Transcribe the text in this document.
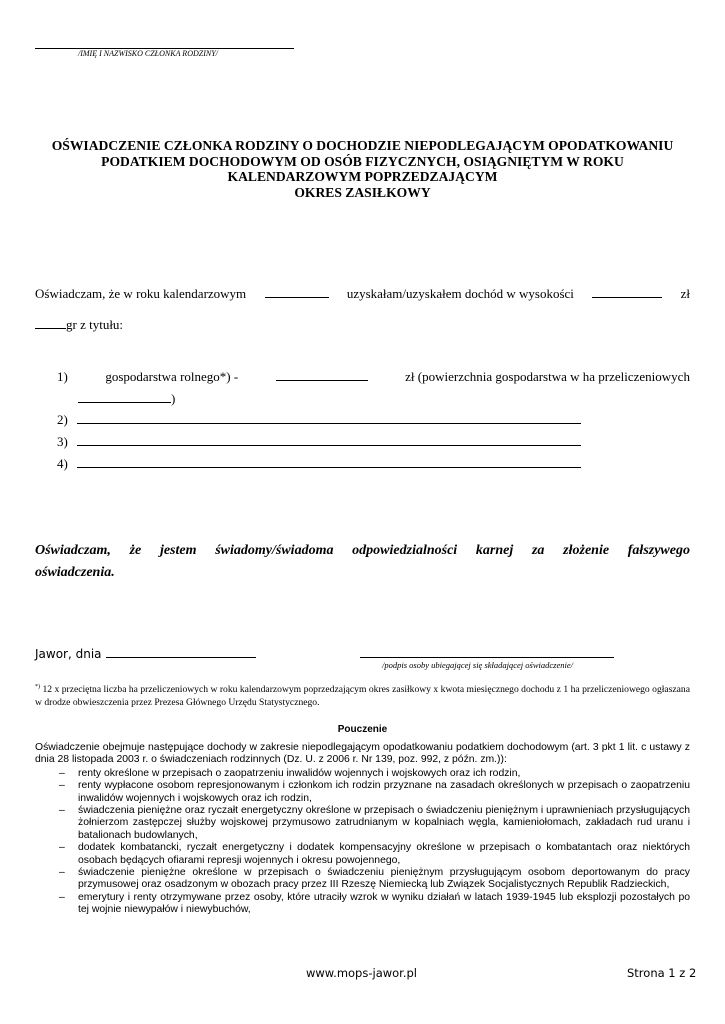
/IMIĘ I NAZWISKO CZŁONKA RODZINY/
OŚWIADCZENIE CZŁONKA RODZINY O DOCHODZIE NIEPODLEGAJĄCYM OPODATKOWANIU
PODATKIEM DOCHODOWYM OD OSÓB FIZYCZNYCH, OSIĄGNIĘTYM W ROKU
KALENDARZOWYM POPRZEDZAJĄCYM
OKRES ZASIŁKOWY
Oświadczam, że w roku kalendarzowym	uzyskałam/uzyskałem dochód w wysokości	zł
gr z tytułu:
1)	gospodarstwa rolnego*) -	zł (powierzchnia gospodarstwa w ha przeliczeniowych
)
2)
3)
4)

Oświadczam, że jestem świadomy/świadoma odpowiedzialności karnej za złożenie fałszywego

oświadczenia.

Jawor, dnia
/podpis osoby ubiegającej się składającej oświadczenie/
*) 12 x przeciętna liczba ha przeliczeniowych w roku kalendarzowym poprzedzającym okres zasiłkowy x kwota miesięcznego dochodu z 1 ha przeliczeniowego ogłaszana w drodze obwieszczenia przez Prezesa Głównego Urzędu Statystycznego.
Pouczenie

Oświadczenie obejmuje następujące dochody w zakresie niepodlegającym opodatkowaniu podatkiem dochodowym (art. 3 pkt 1 lit. c ustawy z dnia 28 listopada 2003 r. o świadczeniach rodzinnych (Dz. U. z 2006 r. Nr 139, poz. 992, z późn. zm.)):

– renty określone w przepisach o zaopatrzeniu inwalidów wojennych i wojskowych oraz ich rodzin,
– renty wypłacone osobom represjonowanym i członkom ich rodzin przyznane na zasadach określonych w przepisach o zaopatrzeniu inwalidów wojennych i wojskowych oraz ich rodzin,
– świadczenia pieniężne oraz ryczałt energetyczny określone w przepisach o świadczeniu pieniężnym i uprawnieniach przysługujących żołnierzom zastępczej służby wojskowej przymusowo zatrudnianym w kopalniach węgla, kamieniołomach, zakładach rud uranu i batalionach budowlanych,
– dodatek kombatancki, ryczałt energetyczny i dodatek kompensacyjny określone w przepisach o kombatantach oraz niektórych osobach będących ofiarami represji wojennych i okresu powojennego,
– świadczenie pieniężne określone w przepisach o świadczeniu pieniężnym przysługującym osobom deportowanym do pracy przymusowej oraz osadzonym w obozach pracy przez III Rzeszę Niemiecką lub Związek Socjalistycznych Republik Radzieckich,
– emerytury i renty otrzymywane przez osoby, które utraciły wzrok w wyniku działań w latach 1939-1945 lub eksplozji pozostałych po tej wojnie niewypałów i niewybuchów,
www.mops-jawor.pl	Strona 1 z 2
